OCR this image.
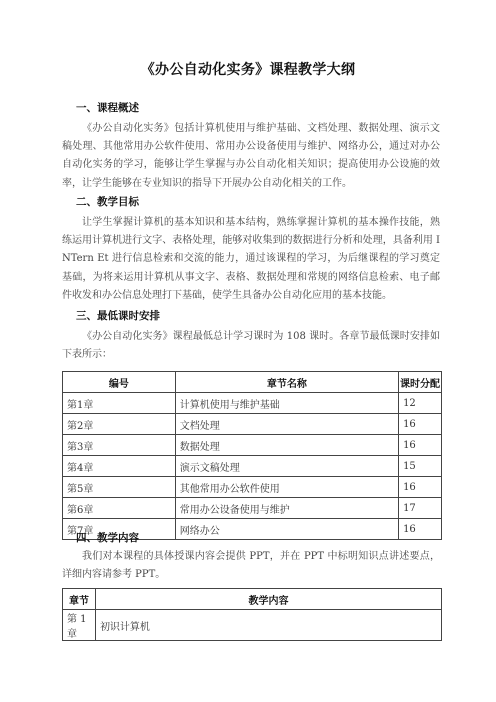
《办公自动化实务》课程教学大纲
一、课程概述

《办公自动化实务》包括计算机使用与维护基础、文档处理、数据处理、演示文稿处理、其他常用办公软件使用、常用办公设备使用与维护、网络办公，通过对办公自动化实务的学习，能够让学生掌握与办公自动化相关知识；提高使用办公设施的效率，让学生能够在专业知识的指导下开展办公自动化相关的工作。

二、教学目标

让学生掌握计算机的基本知识和基本结构，熟练掌握计算机的基本操作技能，熟练运用计算机进行文字、表格处理，能够对收集到的数据进行分析和处理，具备利用 I NTern Et 进行信息检索和交流的能力，通过该课程的学习，为后继课程的学习奠定基础，为将来运用计算机从事文字、表格、数据处理和常规的网络信息检索、电子邮件收发和办公信息处理打下基础，使学生具备办公自动化应用的基本技能。

三、最低课时安排

《办公自动化实务》课程最低总计学习课时为 108 课时。各章节最低课时安排如下表所示：

编号	章节名称	课时分配
第1章	计算机使用与维护基础	12
第2章	文档处理	16
第3章	数据处理	16
第4章	演示文稿处理	15
第5章	其他常用办公软件使用	16
第6章	常用办公设备使用与维护	17
第7章	网络办公	16
四、教学内容

我们对本课程的具体授课内容会提供 PPT，并在 PPT 中标明知识点讲述要点，详细内容请参考 PPT。

章节	教学内容
第 1 章	初识计算机
